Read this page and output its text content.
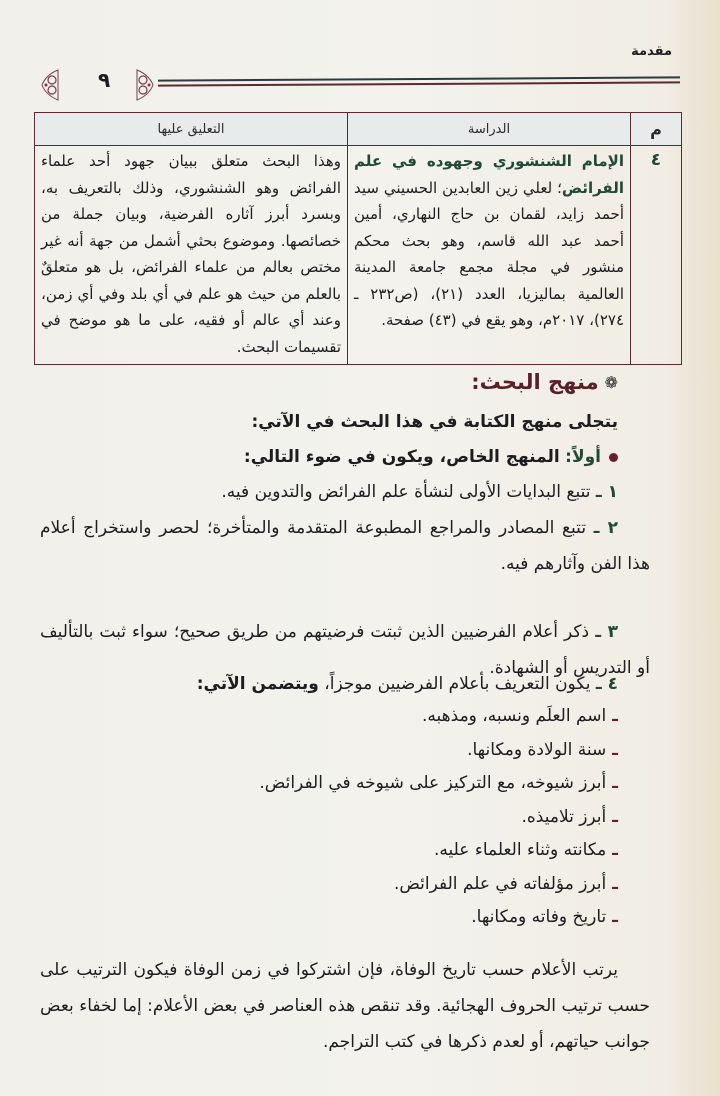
مقدمة
٩
م	الدراسة	التعليق عليها
٤	الإمام الشنشوري وجهوده في علم الفرائض؛ لعلي زين العابدين الحسيني سيد أحمد زايد، لقمان بن حاج النهاري، أمين أحمد عبد الله قاسم، وهو بحث محكم منشور في مجلة مجمع جامعة المدينة العالمية بماليزيا، العدد (٢١)، (ص٢٣٢ ـ ٢٧٤)، ٢٠١٧م، وهو يقع في (٤٣) صفحة.	وهذا البحث متعلق ببيان جهود أحد علماء الفرائض وهو الشنشوري، وذلك بالتعريف به، وبسرد أبرز آثاره الفرضية، وبيان جملة من خصائصها. وموضوع بحثي أشمل من جهة أنه غير مختص بعالم من علماء الفرائض، بل هو متعلقٌ بالعلم من حيث هو علم في أي بلد وفي أي زمن، وعند أي عالم أو فقيه، على ما هو موضح في تقسيمات البحث.
❁
منهج البحث:
يتجلى منهج الكتابة في هذا البحث في الآتي:
أولاً: المنهج الخاص، ويكون في ضوء التالي:
١ ـ تتبع البدايات الأولى لنشأة علم الفرائض والتدوين فيه.
٢ ـ تتبع المصادر والمراجع المطبوعة المتقدمة والمتأخرة؛ لحصر واستخراج أعلام هذا الفن وآثارهم فيه.
٣ ـ ذكر أعلام الفرضيين الذين ثبتت فرضيتهم من طريق صحيح؛ سواء ثبت بالتأليف أو التدريس أو الشهادة.
٤ ـ يكون التعريف بأعلام الفرضيين موجزاً، ويتضمن الآتي:
ـ اسم العلَم ونسبه، ومذهبه.
ـ سنة الولادة ومكانها.
ـ أبرز شيوخه، مع التركيز على شيوخه في الفرائض.
ـ أبرز تلاميذه.
ـ مكانته وثناء العلماء عليه.
ـ أبرز مؤلفاته في علم الفرائض.
ـ تاريخ وفاته ومكانها.
يرتب الأعلام حسب تاريخ الوفاة، فإن اشتركوا في زمن الوفاة فيكون الترتيب على حسب ترتيب الحروف الهجائية. وقد تنقص هذه العناصر في بعض الأعلام: إما لخفاء بعض جوانب حياتهم، أو لعدم ذكرها في كتب التراجم.
